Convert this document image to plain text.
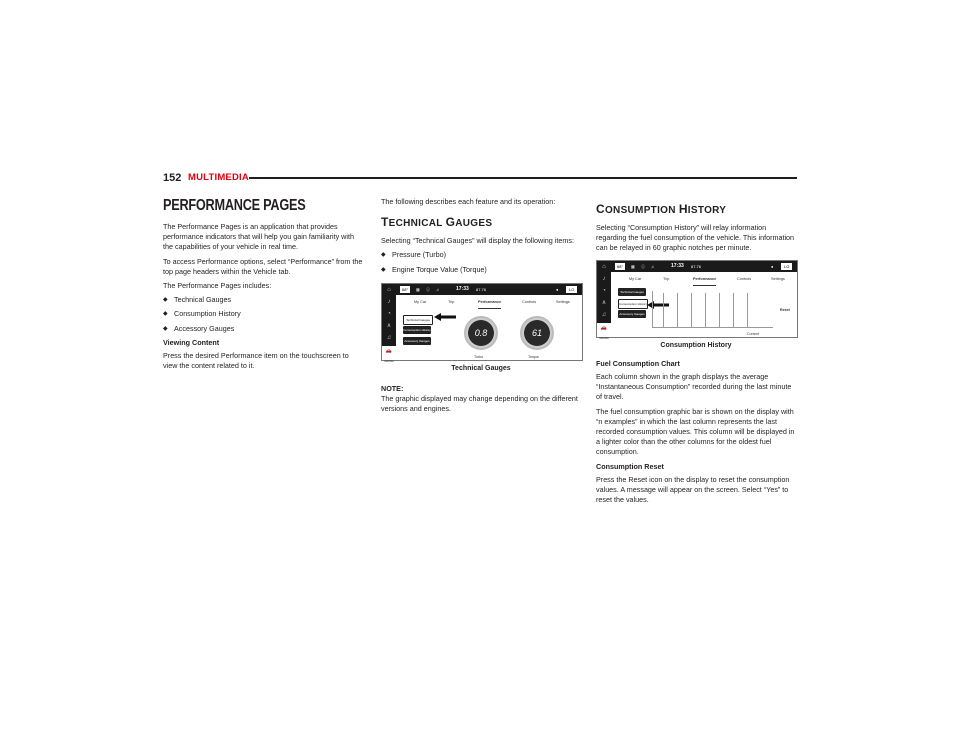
152 MULTIMEDIA
PERFORMANCE PAGES

The Performance Pages is an application that provides performance indicators that will help you gain familiarity with the capabilities of your vehicle in real time.

To access Performance options, select “Performance” from the top page headers within the Vehicle tab.

The Performance Pages includes:

◆ Technical Gauges
◆ Consumption History
◆ Accessory Gauges

Viewing Content

Press the desired Performance item on the touchscreen to view the content related to it.

The following describes each feature and its operation:

TECHNICAL GAUGES

Selecting “Technical Gauges” will display the following items:

◆ Pressure (Turbo)
◆ Engine Torque Value (Torque)
⌂
♪
◔
∧
♫
🚗
Vehicle
68°	▦ ⓘ ♫	17:33 87.76	●	LO
My Car	Trip	Performance	Controls	Settings
Technical Gauges
Consumption History
Accessory Gauges
0.8
Turbo
61
Torque

Technical Gauges

NOTE:

The graphic displayed may change depending on the different versions and engines.

CONSUMPTION HISTORY

Selecting “Consumption History” will relay information regarding the fuel consumption of the vehicle. This information can be relayed in 60 graphic notches per minute.

⌂
♪
◔
∧
♫
🚗
Vehicle
68°	▦ ⓘ ♫	17:33 87.76	●	LO
My Car	Trip	Performance	Controls	Settings
Technical Gauges
Consumption History
Accessory Gauges
Current
Reset

Consumption History

Fuel Consumption Chart

Each column shown in the graph displays the average “Instantaneous Consumption” recorded during the last minute of travel.

The fuel consumption graphic bar is shown on the display with “n examples” in which the last column represents the last recorded consumption values. This column will be displayed in a lighter color than the other columns for the oldest fuel consumption.

Consumption Reset

Press the Reset icon on the display to reset the consumption values. A message will appear on the screen. Select “Yes” to reset the values.
